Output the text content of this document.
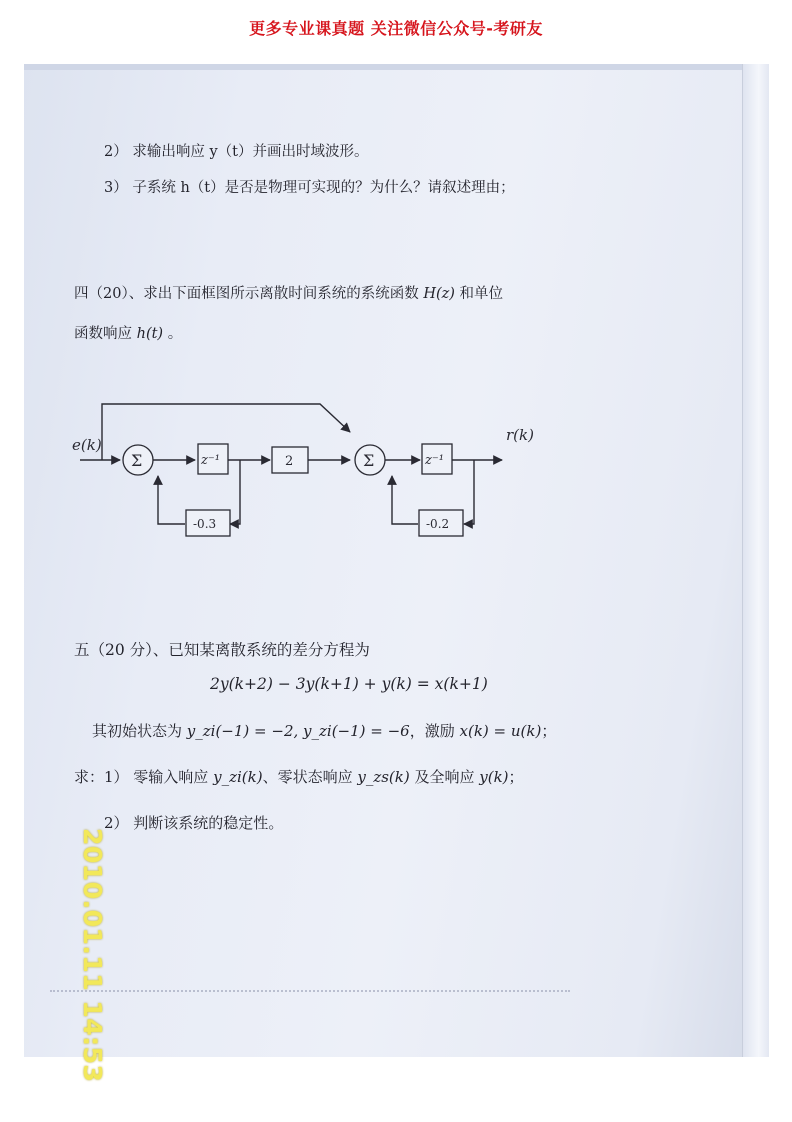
更多专业课真题 关注微信公众号-考研友
2） 求输出响应 y（t）并画出时域波形。
3） 子系统 h（t）是否是物理可实现的？为什么？请叙述理由；
四（20）、求出下面框图所示离散时间系统的系统函数 H(z) 和单位
函数响应 h(t) 。
e(k)
r(k)
Σ	Σ
z⁻¹	z⁻¹
2
-0.3	-0.2
五（20 分）、已知某离散系统的差分方程为
2y(k+2) − 3y(k+1) + y(k) = x(k+1)
其初始状态为 y_zi(−1) = −2, y_zi(−1) = −6，激励 x(k) = u(k)；
求：1） 零输入响应 y_zi(k)、零状态响应 y_zs(k) 及全响应 y(k)；
2） 判断该系统的稳定性。
2010.01.11 14:53
